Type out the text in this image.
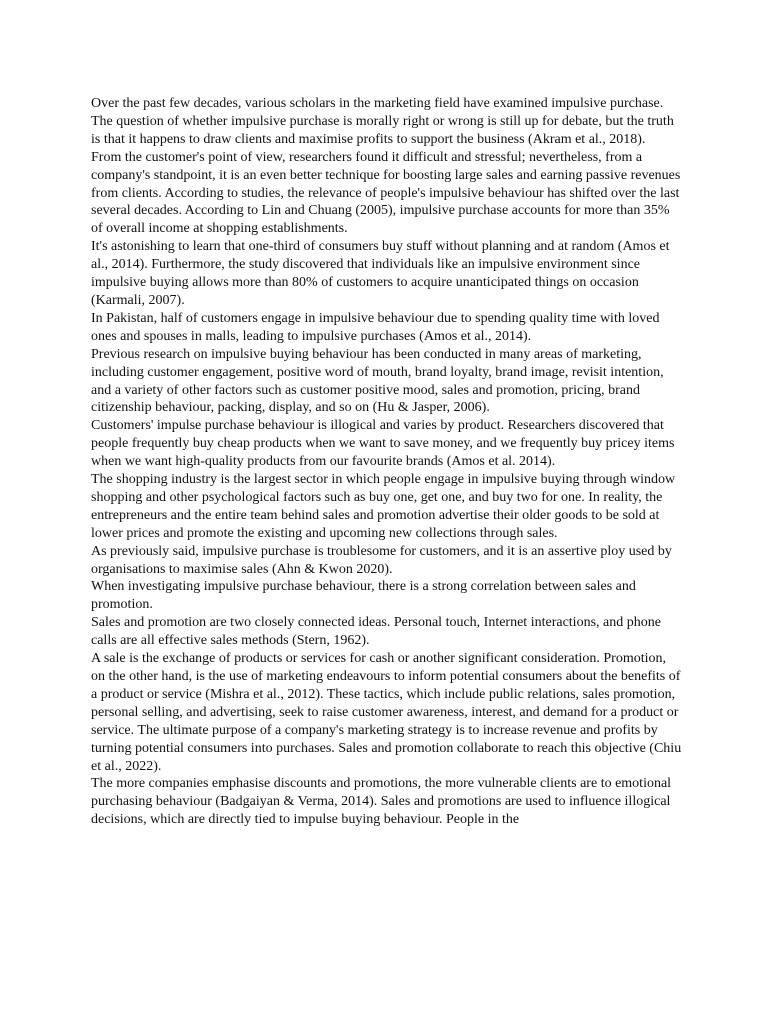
Over the past few decades, various scholars in the marketing field have examined impulsive purchase. The question of whether impulsive purchase is morally right or wrong is still up for debate, but the truth is that it happens to draw clients and maximise profits to support the business (Akram et al., 2018).

From the customer's point of view, researchers found it difficult and stressful; nevertheless, from a company's standpoint, it is an even better technique for boosting large sales and earning passive revenues from clients. According to studies, the relevance of people's impulsive behaviour has shifted over the last several decades. According to Lin and Chuang (2005), impulsive purchase accounts for more than 35% of overall income at shopping establishments.

It's astonishing to learn that one-third of consumers buy stuff without planning and at random (Amos et al., 2014). Furthermore, the study discovered that individuals like an impulsive environment since impulsive buying allows more than 80% of customers to acquire unanticipated things on occasion (Karmali, 2007).

In Pakistan, half of customers engage in impulsive behaviour due to spending quality time with loved ones and spouses in malls, leading to impulsive purchases (Amos et al., 2014).

Previous research on impulsive buying behaviour has been conducted in many areas of marketing, including customer engagement, positive word of mouth, brand loyalty, brand image, revisit intention, and a variety of other factors such as customer positive mood, sales and promotion, pricing, brand citizenship behaviour, packing, display, and so on (Hu & Jasper, 2006).

Customers' impulse purchase behaviour is illogical and varies by product. Researchers discovered that people frequently buy cheap products when we want to save money, and we frequently buy pricey items when we want high-quality products from our favourite brands (Amos et al. 2014).

The shopping industry is the largest sector in which people engage in impulsive buying through window shopping and other psychological factors such as buy one, get one, and buy two for one. In reality, the entrepreneurs and the entire team behind sales and promotion advertise their older goods to be sold at lower prices and promote the existing and upcoming new collections through sales.

As previously said, impulsive purchase is troublesome for customers, and it is an assertive ploy used by organisations to maximise sales (Ahn & Kwon 2020).

When investigating impulsive purchase behaviour, there is a strong correlation between sales and promotion.

Sales and promotion are two closely connected ideas. Personal touch, Internet interactions, and phone calls are all effective sales methods (Stern, 1962).

A sale is the exchange of products or services for cash or another significant consideration. Promotion, on the other hand, is the use of marketing endeavours to inform potential consumers about the benefits of a product or service (Mishra et al., 2012). These tactics, which include public relations, sales promotion, personal selling, and advertising, seek to raise customer awareness, interest, and demand for a product or service. The ultimate purpose of a company's marketing strategy is to increase revenue and profits by turning potential consumers into purchases. Sales and promotion collaborate to reach this objective (Chiu et al., 2022).

The more companies emphasise discounts and promotions, the more vulnerable clients are to emotional purchasing behaviour (Badgaiyan & Verma, 2014). Sales and promotions are used to influence illogical decisions, which are directly tied to impulse buying behaviour. People in the
